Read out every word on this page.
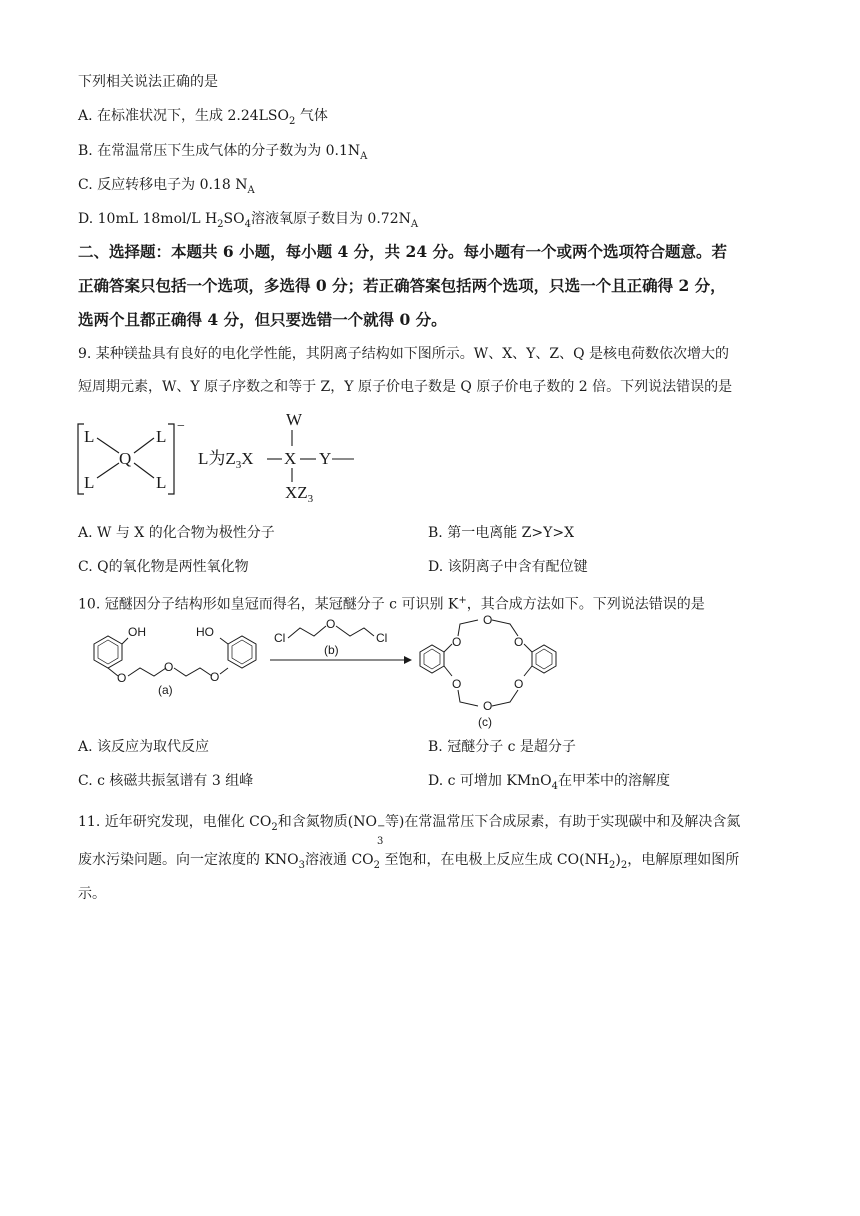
下列相关说法正确的是
A. 在标准状况下，生成 $2.24LSO_2$ 气体
B. 在常温常压下生成气体的分子数为为 $0.1N_A$
C. 反应转移电子为 0.18 $N_A$
D. 10mL 18mol/L $H_2SO_4$溶液氧原子数目为 $0.72N_A$
二、选择题：本题共 6 小题，每小题 4 分，共 24 分。每小题有一个或两个选项符合题意。若
正确答案只包括一个选项，多选得 0 分；若正确答案包括两个选项，只选一个且正确得 2 分，
选两个且都正确得 4 分，但只要选错一个就得 0 分。
9. 某种镁盐具有良好的电化学性能，其阴离子结构如下图所示。W、X、Y、Z、Q 是核电荷数依次增大的
短周期元素，W、Y 原子序数之和等于 Z，Y 原子价电子数是 Q 原子价电子数的 2 倍。下列说法错误的是
−
L	L
L	L
Q	L为$Z_3X$ X
W
$XZ_3$
Y
A. W 与 X 的化合物为极性分子	B. 第一电离能 Z>Y>X
C. Q的氧化物是两性氧化物	D. 该阴离子中含有配位键
10. 冠醚因分子结构形如皇冠而得名，某冠醚分子 c 可识别 K+，其合成方法如下。下列说法错误的是
OH
O
O
O
HO
(a)
Cl
O
Cl
(b)
O	O
O
O	O
O
(c)
A. 该反应为取代反应	B. 冠醚分子 c 是超分子
C. c 核磁共振氢谱有 3 组峰	D. c 可增加 KMnO$_4$在甲苯中的溶解度
11. 近年研究发现，电催化 $CO_2$和含氮物质(NO −
3
等)在常温常压下合成尿素，有助于实现碳中和及解决含氮
废水污染问题。向一定浓度的 $KNO_3$溶液通 $CO_2$ 至饱和，在电极上反应生成 $CO(NH_2)_2$，电解原理如图所
示。
